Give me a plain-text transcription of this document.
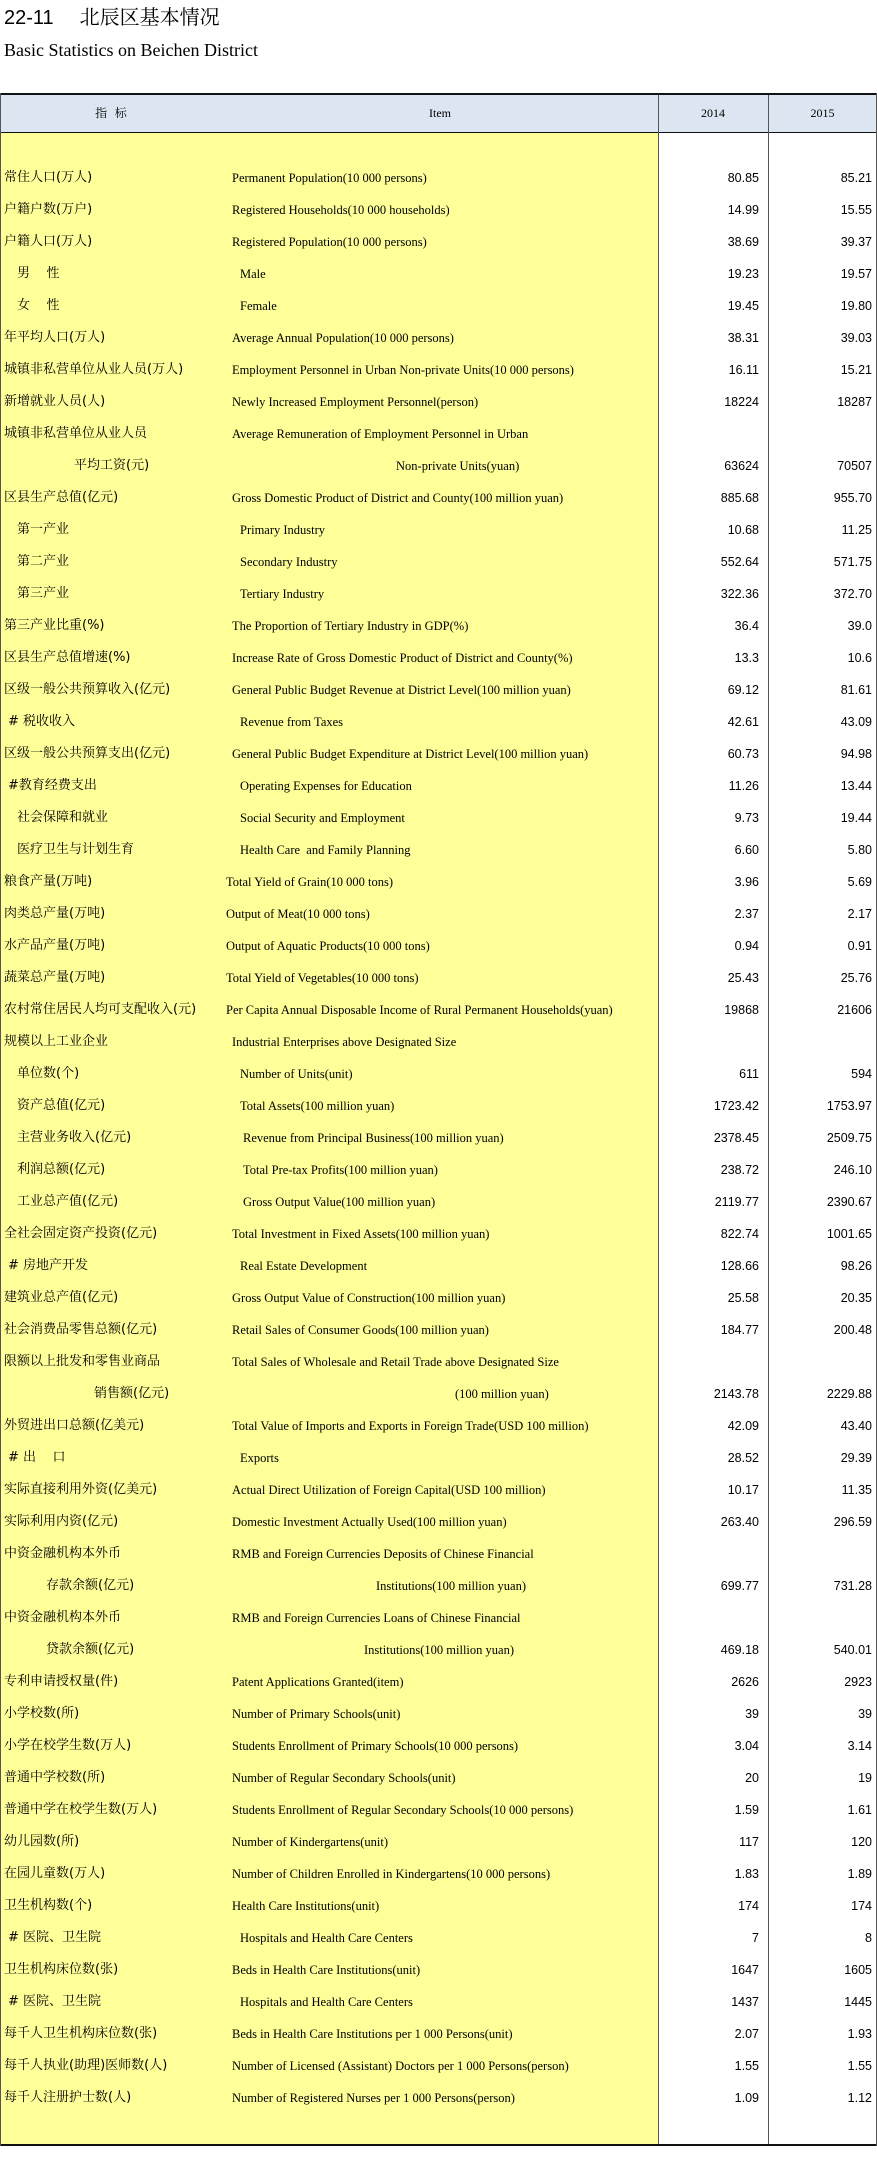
22-11 北辰区基本情况
Basic Statistics on Beichen District
指  标	Item	2014	2015
常住人口(万人)	Permanent Population(10 000 persons)	80.85	85.21
户籍户数(万户)	Registered Households(10 000 households)	14.99	15.55
户籍人口(万人)	Registered Population(10 000 persons)	38.69	39.37
男    性	Male	19.23	19.57
女    性	Female	19.45	19.80
年平均人口(万人)	Average Annual Population(10 000 persons)	38.31	39.03
城镇非私营单位从业人员(万人)	Employment Personnel in Urban Non-private Units(10 000 persons)	16.11	15.21
新增就业人员(人)	Newly Increased Employment Personnel(person)	18224	18287
城镇非私营单位从业人员	Average Remuneration of Employment Personnel in Urban
平均工资(元)	Non-private Units(yuan)	63624	70507
区县生产总值(亿元)	Gross Domestic Product of District and County(100 million yuan)	885.68	955.70
第一产业	Primary Industry	10.68	11.25
第二产业	Secondary Industry	552.64	571.75
第三产业	Tertiary Industry	322.36	372.70
第三产业比重(%)	The Proportion of Tertiary Industry in GDP(%)	36.4	39.0
区县生产总值增速(%)	Increase Rate of Gross Domestic Product of District and County(%)	13.3	10.6
区级一般公共预算收入(亿元)	General Public Budget Revenue at District Level(100 million yuan)	69.12	81.61
# 税收收入	Revenue from Taxes	42.61	43.09
区级一般公共预算支出(亿元)	General Public Budget Expenditure at District Level(100 million yuan)	60.73	94.98
#教育经费支出	Operating Expenses for Education	11.26	13.44
社会保障和就业	Social Security and Employment	9.73	19.44
医疗卫生与计划生育	Health Care  and Family Planning	6.60	5.80
粮食产量(万吨)	Total Yield of Grain(10 000 tons)	3.96	5.69
肉类总产量(万吨)	Output of Meat(10 000 tons)	2.37	2.17
水产品产量(万吨)	Output of Aquatic Products(10 000 tons)	0.94	0.91
蔬菜总产量(万吨)	Total Yield of Vegetables(10 000 tons)	25.43	25.76
农村常住居民人均可支配收入(元) Per Capita Annual Disposable Income of Rural Permanent Households(yuan)	19868	21606
规模以上工业企业	Industrial Enterprises above Designated Size
单位数(个)	Number of Units(unit)	611	594
资产总值(亿元)	Total Assets(100 million yuan)	1723.42	1753.97
主营业务收入(亿元)	Revenue from Principal Business(100 million yuan)	2378.45	2509.75
利润总额(亿元)	Total Pre-tax Profits(100 million yuan)	238.72	246.10
工业总产值(亿元)	Gross Output Value(100 million yuan)	2119.77	2390.67
全社会固定资产投资(亿元)	Total Investment in Fixed Assets(100 million yuan)	822.74	1001.65
# 房地产开发	Real Estate Development	128.66	98.26
建筑业总产值(亿元)	Gross Output Value of Construction(100 million yuan)	25.58	20.35
社会消费品零售总额(亿元)	Retail Sales of Consumer Goods(100 million yuan)	184.77	200.48
限额以上批发和零售业商品	Total Sales of Wholesale and Retail Trade above Designated Size
销售额(亿元)	(100 million yuan)	2143.78	2229.88
外贸进出口总额(亿美元)	Total Value of Imports and Exports in Foreign Trade(USD 100 million)	42.09	43.40
# 出    口	Exports	28.52	29.39
实际直接利用外资(亿美元)	Actual Direct Utilization of Foreign Capital(USD 100 million)	10.17	11.35
实际利用内资(亿元)	Domestic Investment Actually Used(100 million yuan)	263.40	296.59
中资金融机构本外币	RMB and Foreign Currencies Deposits of Chinese Financial
存款余额(亿元)	Institutions(100 million yuan)	699.77	731.28
中资金融机构本外币	RMB and Foreign Currencies Loans of Chinese Financial
贷款余额(亿元)	Institutions(100 million yuan)	469.18	540.01
专利申请授权量(件)	Patent Applications Granted(item)	2626	2923
小学校数(所)	Number of Primary Schools(unit)	39	39
小学在校学生数(万人)	Students Enrollment of Primary Schools(10 000 persons)	3.04	3.14
普通中学校数(所)	Number of Regular Secondary Schools(unit)	20	19
普通中学在校学生数(万人)	Students Enrollment of Regular Secondary Schools(10 000 persons)	1.59	1.61
幼儿园数(所)	Number of Kindergartens(unit)	117	120
在园儿童数(万人)	Number of Children Enrolled in Kindergartens(10 000 persons)	1.83	1.89
卫生机构数(个)	Health Care Institutions(unit)	174	174
# 医院、卫生院	Hospitals and Health Care Centers	7	8
卫生机构床位数(张)	Beds in Health Care Institutions(unit)	1647	1605
# 医院、卫生院	Hospitals and Health Care Centers	1437	1445
每千人卫生机构床位数(张)	Beds in Health Care Institutions per 1 000 Persons(unit)	2.07	1.93
每千人执业(助理)医师数(人)	Number of Licensed (Assistant) Doctors per 1 000 Persons(person)	1.55	1.55
每千人注册护士数(人)	Number of Registered Nurses per 1 000 Persons(person)	1.09	1.12
